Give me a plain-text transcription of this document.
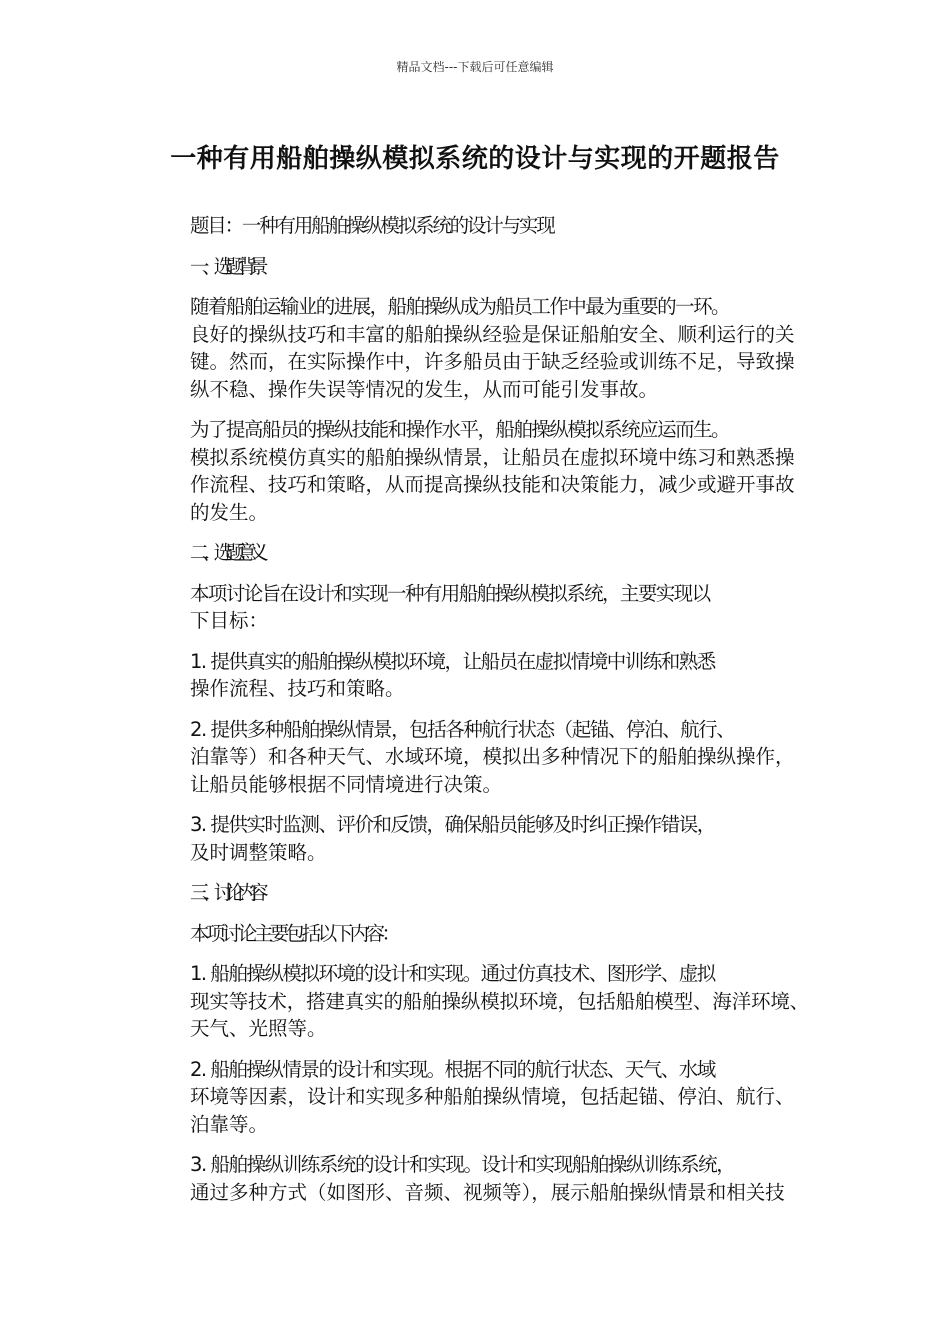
精品文档---下载后可任意编辑
一种有用船舶操纵模拟系统的设计与实现的开题报告

题目：一种有用船舶操纵模拟系统的设计与实现

一、选题背景

随着船舶运输业的进展，船舶操纵成为船员工作中最为重要的一环。
良好的操纵技巧和丰富的船舶操纵经验是保证船舶安全、顺利运行的关
键。然而，在实际操作中，许多船员由于缺乏经验或训练不足，导致操
纵不稳、操作失误等情况的发生，从而可能引发事故。

为了提高船员的操纵技能和操作水平，船舶操纵模拟系统应运而生。
模拟系统模仿真实的船舶操纵情景，让船员在虚拟环境中练习和熟悉操
作流程、技巧和策略，从而提高操纵技能和决策能力，减少或避开事故
的发生。

二、选题意义

本项讨论旨在设计和实现一种有用船舶操纵模拟系统，主要实现以
下目标：

1. 提供真实的船舶操纵模拟环境，让船员在虚拟情境中训练和熟悉
操作流程、技巧和策略。

2. 提供多种船舶操纵情景，包括各种航行状态（起锚、停泊、航行、
泊靠等）和各种天气、水域环境，模拟出多种情况下的船舶操纵操作，
让船员能够根据不同情境进行决策。

3. 提供实时监测、评价和反馈，确保船员能够及时纠正操作错误，
及时调整策略。

三、讨论内容

本项讨论主要包括以下内容：

1. 船舶操纵模拟环境的设计和实现。通过仿真技术、图形学、虚拟
现实等技术，搭建真实的船舶操纵模拟环境，包括船舶模型、海洋环境、
天气、光照等。

2. 船舶操纵情景的设计和实现。根据不同的航行状态、天气、水域
环境等因素，设计和实现多种船舶操纵情境，包括起锚、停泊、航行、
泊靠等。

3. 船舶操纵训练系统的设计和实现。设计和实现船舶操纵训练系统，
通过多种方式（如图形、音频、视频等），展示船舶操纵情景和相关技
